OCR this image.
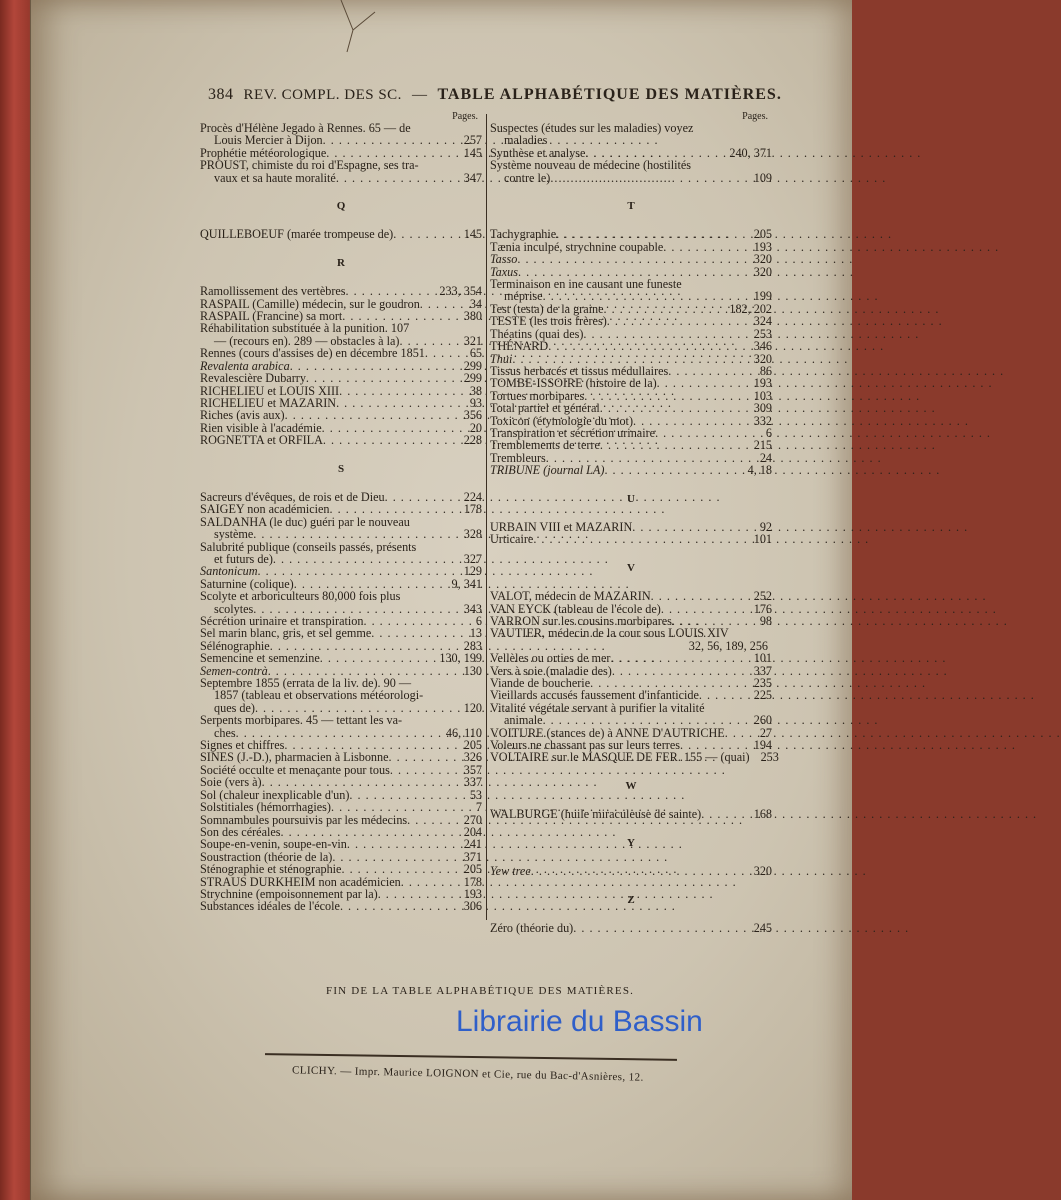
384 REV. COMPL. DES SC. — TABLE ALPHABÉTIQUE DES MATIÈRES.
Pages.
Procès d'Hélène Jegado à Rennes. 65 — de
Louis Mercier à Dijon . . .	257
Prophétie météorologique . . .	145
PROUST, chimiste du roi d'Espagne, ses tra-
vaux et sa haute moralité . . .	347
Q
QUILLEBOEUF (marée trompeuse de) . . .	145
R
Ramollissement des vertèbres . . .	233, 354
RASPAIL (Camille) médecin, sur le goudron . . .	34
RASPAIL (Francine) sa mort . . .	380
Réhabilitation substituée à la punition. 107
— (recours en). 289 — obstacles à la) . . .	321
Rennes (cours d'assises de) en décembre 1851 . . .	65
Revalenta arabica . . .	299
Revalescière Dubarry . . .	299
RICHELIEU et LOUIS XIII . . .	38
RICHELIEU et MAZARIN . . .	93
Riches (avis aux) . . .	356
Rien visible à l'académie . . .	20
ROGNETTA et ORFILA . . .	228
S
Sacreurs d'évêques, de rois et de Dieu . . .	224
SAIGEY non académicien . . .	178
SALDANHA (le duc) guéri par le nouveau
système . . .	328
Salubrité publique (conseils passés, présents
et futurs de) . . .	327
Santonicum . . .	129
Saturnine (colique) . . .	9, 341
Scolyte et arboriculteurs 80,000 fois plus
scolytes . . .	343
Sécrétion urinaire et transpiration . . .	6
Sel marin blanc, gris, et sel gemme . . .	13
Sélénographie . . .	283
Semencine et semenzine . . .	130, 199
Semen-contrà . . .	130
Septembre 1855 (errata de la liv. de). 90 —
1857 (tableau et observations météorologi-
ques de) . . .	120
Serpents morbipares. 45 — tettant les va-
ches . . .	46, 110
Signes et chiffres . . .	205
SINES (J.-D.), pharmacien à Lisbonne . . .	326
Société occulte et menaçante pour tous . . .	357
Soie (vers à) . . .	337
Sol (chaleur inexplicable d'un) . . .	53
Solstitiales (hémorrhagies) . . .	7
Somnambules poursuivis par les médecins . . .	270
Son des céréales . . .	204
Soupe-en-venin, soupe-en-vin . . .	241
Soustraction (théorie de la) . . .	371
Sténographie et sténographie . . .	205
STRAUS DURKHEIM non académicien . . .	178
Strychnine (empoisonnement par la) . . .	193
Substances idéales de l'école . . .	306
Pages.
Suspectes (études sur les maladies) voyez
maladies
Synthèse et analyse . . .	240, 371
Système nouveau de médecine (hostilités
contre le) . . .	109
T
Tachygraphie . . .	205
Tænia inculpé, strychnine coupable . . .	193
Tasso . . .	320
Taxus . . .	320
Terminaison en ine causant une funeste
méprise . . .	199
Test (testa) de la graine . . .	182, 202
TESTE (les trois frères) . . .	324
Théatins (quai des) . . .	253
THÉNARD . . .	346
Thui . . .	320
Tissus herbacés et tissus médullaires . . .	86
TOMBE-ISSOIRE (histoire de la) . . .	193
Tortues morbipares . . .	103
Total partiel et général . . .	309
Toxicon (étymologie du mot) . . .	332
Transpiration et sécrétion urinaire . . .	6
Tremblements de terre . . .	215
Trembleurs . . .	24
TRIBUNE (journal LA) . . .	4, 18
U
URBAIN VIII et MAZARIN . . .	92
Urticaire . . .	101
V
VALOT, médecin de MAZARIN . . .	252
VAN EYCK (tableau de l'école de) . . .	176
VARRON sur les cousins morbipares . . .	98
VAUTIER, médecin de la cour sous LOUIS XIV
32, 56, 189, 256
Vellèles ou orties de mer . . .	101
Vers à soie (maladie des) . . .	337
Viande de boucherie . . .	235
Vieillards accusés faussement d'infanticide . . .	225
Vitalité végétale servant à purifier la vitalité
animale . . .	260
VOITURE (stances de) à ANNE D'AUTRICHE . . .	27
Voleurs ne chassant pas sur leurs terres . . .	194
VOLTAIRE sur le MASQUE DE FER. 155 — (quai) 253
W
WALBURGE (huile miraculeuse de sainte) . . .	168
Y
Yew tree . . .	320
Z
Zéro (théorie du) . . .	245
FIN DE LA TABLE ALPHABÉTIQUE DES MATIÈRES.
Librairie du Bassin
CLICHY. — Impr. Maurice LOIGNON et Cie, rue du Bac-d'Asnières, 12.
